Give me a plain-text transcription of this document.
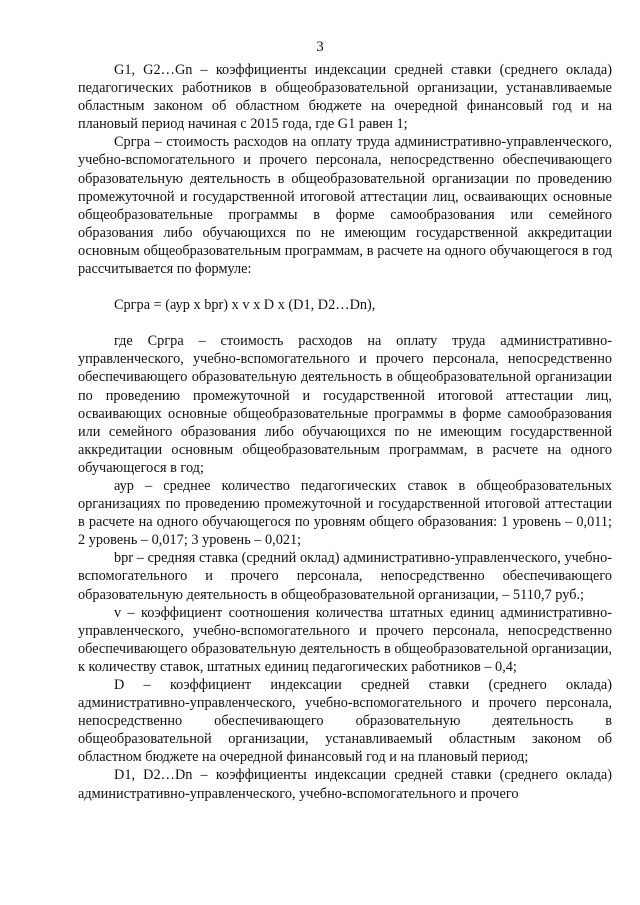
3

G1, G2…Gn – коэффициенты индексации средней ставки (среднего оклада) педагогических работников в общеобразовательной организации, устанавливаемые областным законом об областном бюджете на очередной финансовый год и на плановый период начиная с 2015 года, где G1 равен 1;

Сргра – стоимость расходов на оплату труда административно-управленческого, учебно-вспомогательного и прочего персонала, непосредственно обеспечивающего образовательную деятельность в общеобразовательной организации по проведению промежуточной и государственной итоговой аттестации лиц, осваивающих основные общеобразовательные программы в форме самообразования или семейного образования либо обучающихся по не имеющим государственной аккредитации основным общеобразовательным программам, в расчете на одного обучающегося в год рассчитывается по формуле:

Сргра = (аур x bpr) x v x D x (D1, D2…Dn),

где Сргра – стоимость расходов на оплату труда административно-управленческого, учебно-вспомогательного и прочего персонала, непосредственно обеспечивающего образовательную деятельность в общеобразовательной организации по проведению промежуточной и государственной итоговой аттестации лиц, осваивающих основные общеобразовательные программы в форме самообразования или семейного образования либо обучающихся по не имеющим государственной аккредитации основным общеобразовательным программам, в расчете на одного обучающегося в год;

аур – среднее количество педагогических ставок в общеобразовательных организациях по проведению промежуточной и государственной итоговой аттестации в расчете на одного обучающегося по уровням общего образования: 1 уровень – 0,011; 2 уровень – 0,017; 3 уровень – 0,021;

bpr – средняя ставка (средний оклад) административно-управленческого, учебно-вспомогательного и прочего персонала, непосредственно обеспечивающего образовательную деятельность в общеобразовательной организации, – 5110,7 руб.;

v – коэффициент соотношения количества штатных единиц административно-управленческого, учебно-вспомогательного и прочего персонала, непосредственно обеспечивающего образовательную деятельность в общеобразовательной организации, к количеству ставок, штатных единиц педагогических работников – 0,4;

D – коэффициент индексации средней ставки (среднего оклада) административно-управленческого, учебно-вспомогательного и прочего персонала, непосредственно обеспечивающего образовательную деятельность в общеобразовательной организации, устанавливаемый областным законом об областном бюджете на очередной финансовый год и на плановый период;

D1, D2…Dn – коэффициенты индексации средней ставки (среднего оклада) административно-управленческого, учебно-вспомогательного и прочего
